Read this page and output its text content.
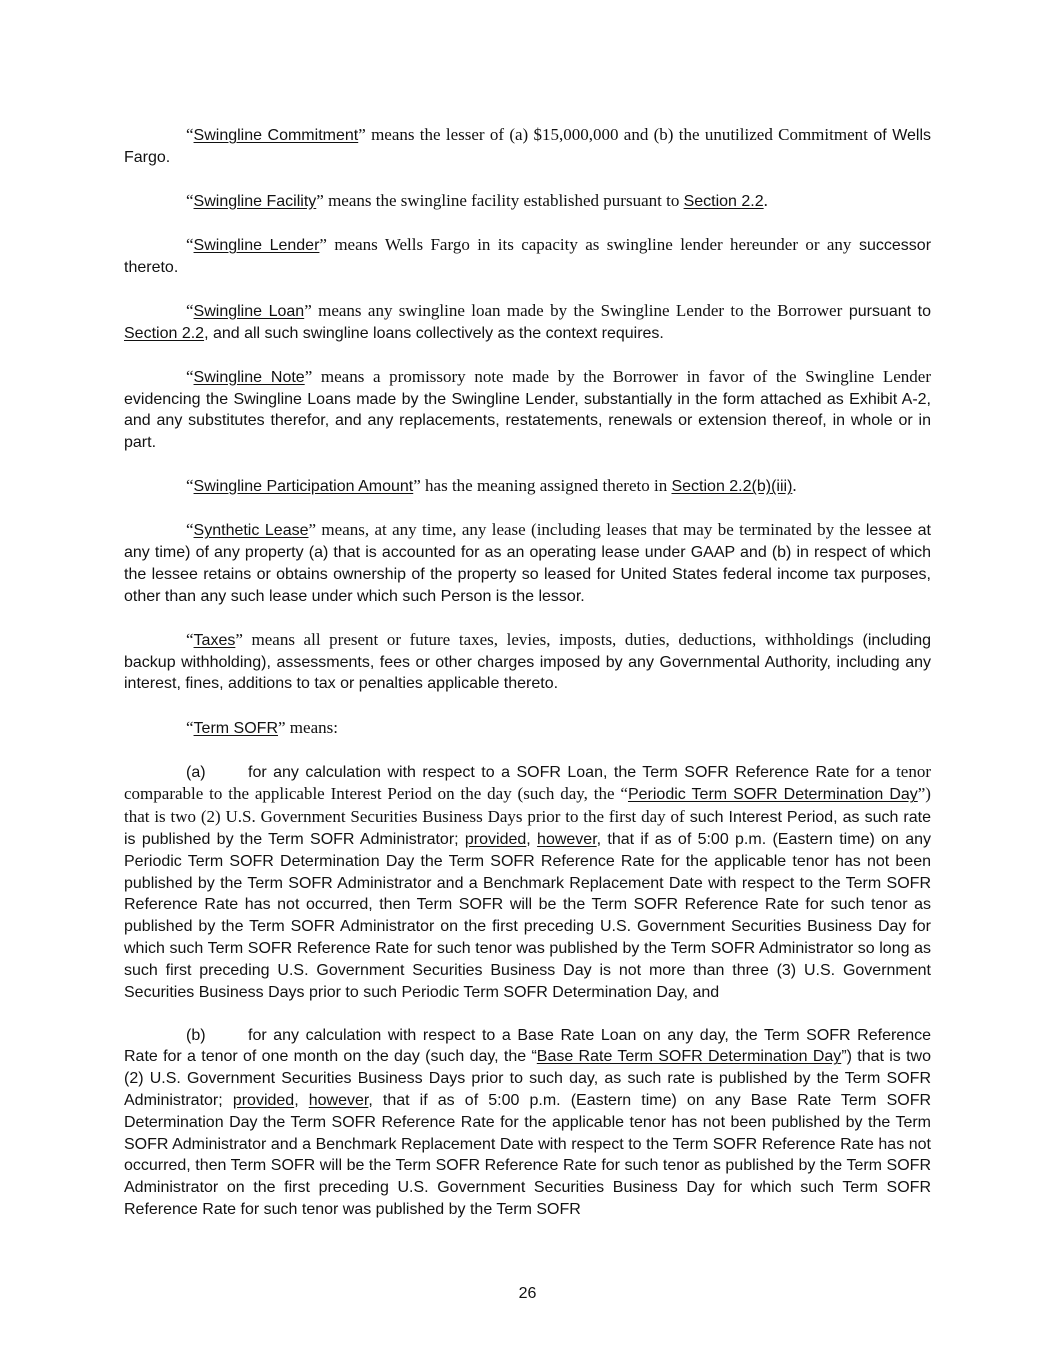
“Swingline Commitment” means the lesser of (a) $15,000,000 and (b) the unutilized Commitment of Wells Fargo.

“Swingline Facility” means the swingline facility established pursuant to Section 2.2.

“Swingline Lender” means Wells Fargo in its capacity as swingline lender hereunder or any successor thereto.

“Swingline Loan” means any swingline loan made by the Swingline Lender to the Borrower pursuant to Section 2.2, and all such swingline loans collectively as the context requires.

“Swingline Note” means a promissory note made by the Borrower in favor of the Swingline Lender evidencing the Swingline Loans made by the Swingline Lender, substantially in the form attached as Exhibit A-2, and any substitutes therefor, and any replacements, restatements, renewals or extension thereof, in whole or in part.

“Swingline Participation Amount” has the meaning assigned thereto in Section 2.2(b)(iii).

“Synthetic Lease” means, at any time, any lease (including leases that may be terminated by the lessee at any time) of any property (a) that is accounted for as an operating lease under GAAP and (b) in respect of which the lessee retains or obtains ownership of the property so leased for United States federal income tax purposes, other than any such lease under which such Person is the lessor.

“Taxes” means all present or future taxes, levies, imposts, duties, deductions, withholdings (including backup withholding), assessments, fees or other charges imposed by any Governmental Authority, including any interest, fines, additions to tax or penalties applicable thereto.

“Term SOFR” means:

(a)	for any calculation with respect to a SOFR Loan, the Term SOFR Reference Rate for a tenor comparable to the applicable Interest Period on the day (such day, the “Periodic Term SOFR Determination Day”) that is two (2) U.S. Government Securities Business Days prior to the first day of such Interest Period, as such rate is published by the Term SOFR Administrator; provided, however, that if as of 5:00 p.m. (Eastern time) on any Periodic Term SOFR Determination Day the Term SOFR Reference Rate for the applicable tenor has not been published by the Term SOFR Administrator and a Benchmark Replacement Date with respect to the Term SOFR Reference Rate has not occurred, then Term SOFR will be the Term SOFR Reference Rate for such tenor as published by the Term SOFR Administrator on the first preceding U.S. Government Securities Business Day for which such Term SOFR Reference Rate for such tenor was published by the Term SOFR Administrator so long as such first preceding U.S. Government Securities Business Day is not more than three (3) U.S. Government Securities Business Days prior to such Periodic Term SOFR Determination Day, and

(b)	for any calculation with respect to a Base Rate Loan on any day, the Term SOFR Reference Rate for a tenor of one month on the day (such day, the “Base Rate Term SOFR Determination Day”) that is two (2) U.S. Government Securities Business Days prior to such day, as such rate is published by the Term SOFR Administrator; provided, however, that if as of 5:00 p.m. (Eastern time) on any Base Rate Term SOFR Determination Day the Term SOFR Reference Rate for the applicable tenor has not been published by the Term SOFR Administrator and a Benchmark Replacement Date with respect to the Term SOFR Reference Rate has not occurred, then Term SOFR will be the Term SOFR Reference Rate for such tenor as published by the Term SOFR Administrator on the first preceding U.S. Government Securities Business Day for which such Term SOFR Reference Rate for such tenor was published by the Term SOFR

26
